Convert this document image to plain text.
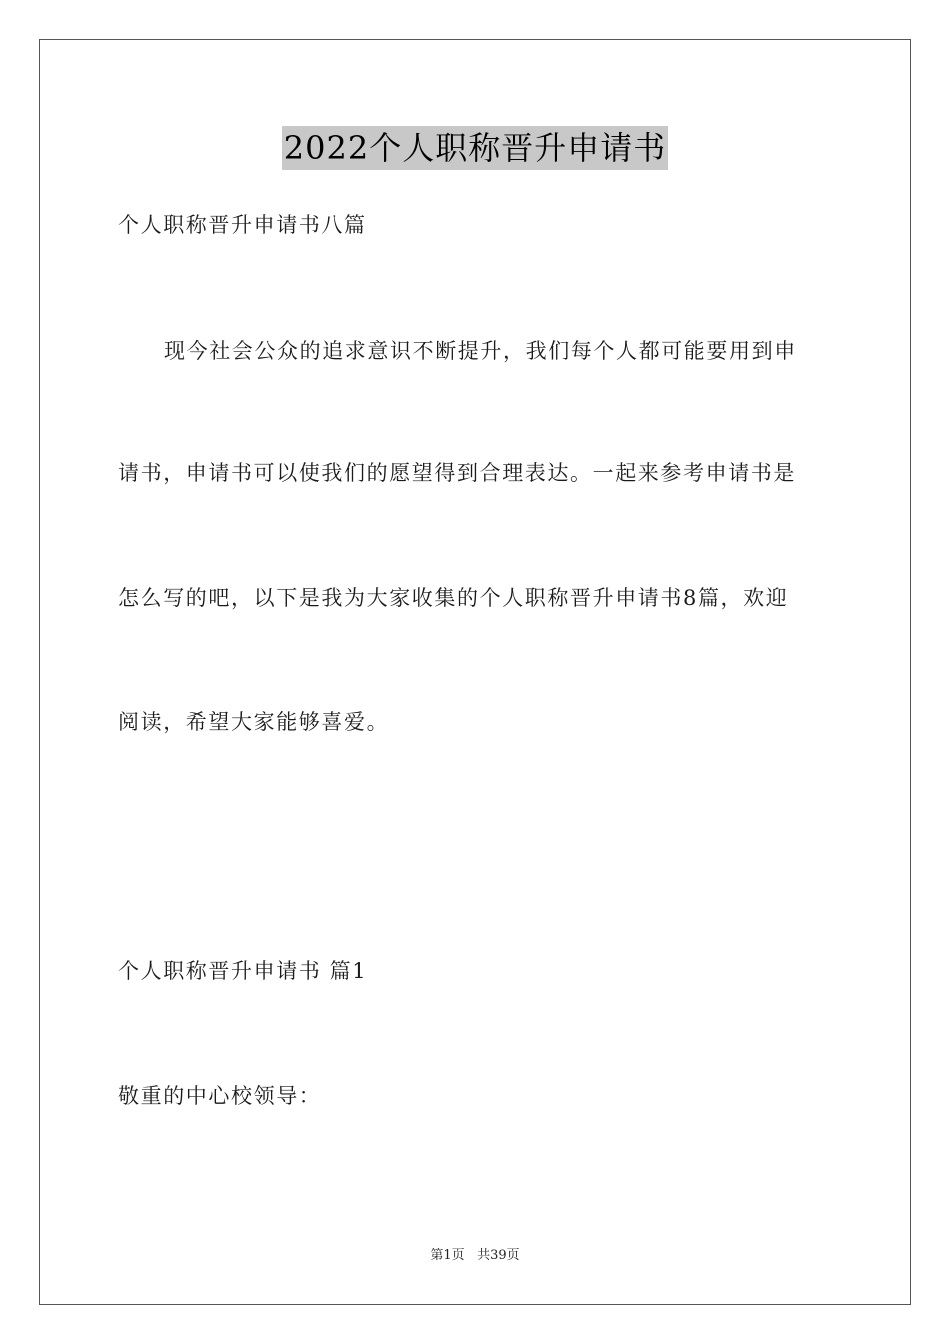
2022个人职称晋升申请书
个人职称晋升申请书八篇
现今社会公众的追求意识不断提升，我们每个人都可能要用到申
请书，申请书可以使我们的愿望得到合理表达。一起来参考申请书是
怎么写的吧，以下是我为大家收集的个人职称晋升申请书8篇，欢迎
阅读，希望大家能够喜爱。
个人职称晋升申请书 篇1
敬重的中心校领导：
第1页 共39页
